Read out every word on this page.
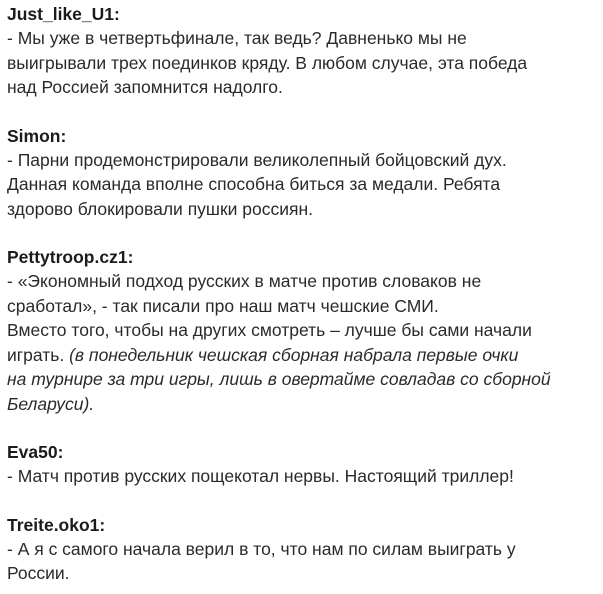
Just_like_U1:
- Мы уже в четвертьфинале, так ведь? Давненько мы не
выигрывали трех поединков кряду. В любом случае, эта победа
над Россией запомнится надолго.
Simon:
- Парни продемонстрировали великолепный бойцовский дух.
Данная команда вполне способна биться за медали. Ребята
здорово блокировали пушки россиян.
Pettytroop.cz1:
- «Экономный подход русских в матче против словаков не
сработал», - так писали про наш матч чешские СМИ.
Вместо того, чтобы на других смотреть – лучше бы сами начали
играть. (в понедельник чешская сборная набрала первые очки
на турнире за три игры, лишь в овертайме совладав со сборной
Беларуси).
Eva50:
- Матч против русских пощекотал нервы. Настоящий триллер!
Treite.oko1:
- А я с самого начала верил в то, что нам по силам выиграть у
России.
